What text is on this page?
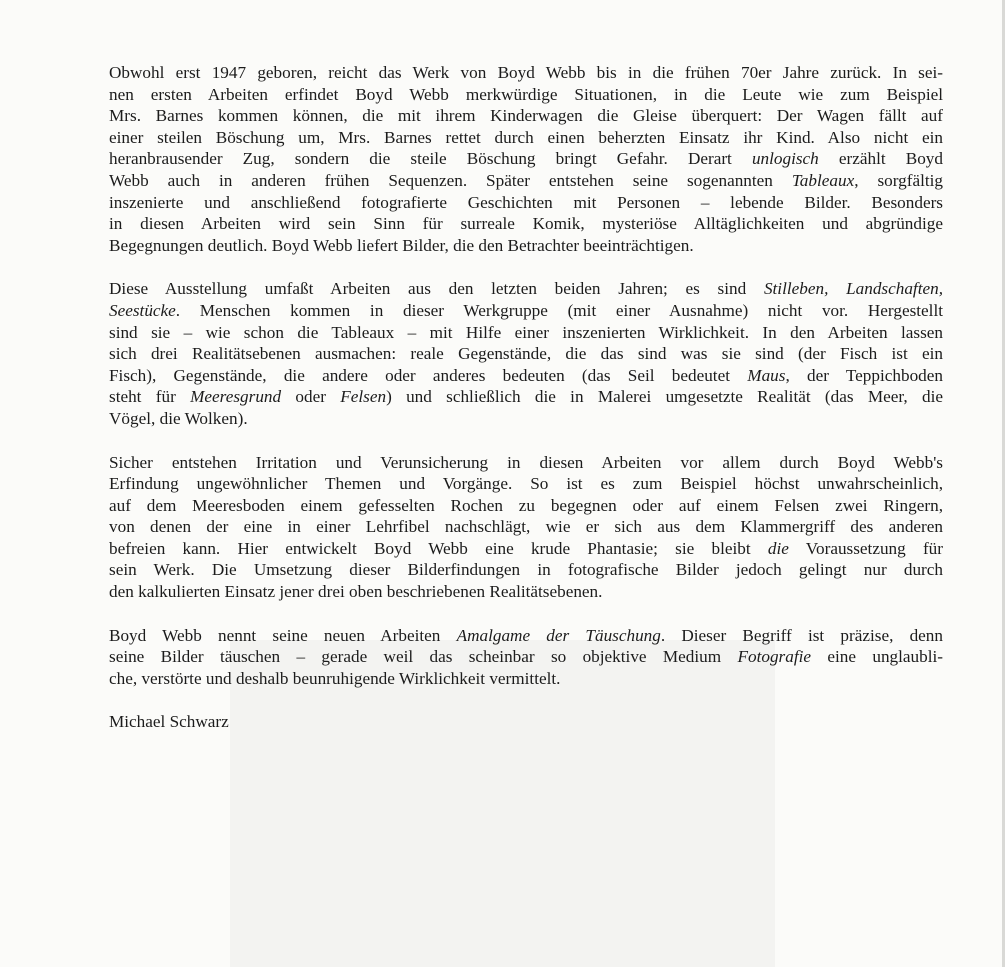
Obwohl erst 1947 geboren, reicht das Werk von Boyd Webb bis in die frühen 70er Jahre zurück. In sei-
nen ersten Arbeiten erfindet Boyd Webb merkwürdige Situationen, in die Leute wie zum Beispiel
Mrs. Barnes kommen können, die mit ihrem Kinderwagen die Gleise überquert: Der Wagen fällt auf
einer steilen Böschung um, Mrs. Barnes rettet durch einen beherzten Einsatz ihr Kind. Also nicht ein
heranbrausender Zug, sondern die steile Böschung bringt Gefahr. Derart unlogisch erzählt Boyd
Webb auch in anderen frühen Sequenzen. Später entstehen seine sogenannten Tableaux, sorgfältig
inszenierte und anschließend fotografierte Geschichten mit Personen – lebende Bilder. Besonders
in diesen Arbeiten wird sein Sinn für surreale Komik, mysteriöse Alltäglichkeiten und abgründige
Begegnungen deutlich. Boyd Webb liefert Bilder, die den Betrachter beeinträchtigen.

Diese Ausstellung umfaßt Arbeiten aus den letzten beiden Jahren; es sind Stilleben, Landschaften,
Seestücke. Menschen kommen in dieser Werkgruppe (mit einer Ausnahme) nicht vor. Hergestellt
sind sie – wie schon die Tableaux – mit Hilfe einer inszenierten Wirklichkeit. In den Arbeiten lassen
sich drei Realitätsebenen ausmachen: reale Gegenstände, die das sind was sie sind (der Fisch ist ein
Fisch), Gegenstände, die andere oder anderes bedeuten (das Seil bedeutet Maus, der Teppichboden
steht für Meeresgrund oder Felsen) und schließlich die in Malerei umgesetzte Realität (das Meer, die
Vögel, die Wolken).

Sicher entstehen Irritation und Verunsicherung in diesen Arbeiten vor allem durch Boyd Webb's
Erfindung ungewöhnlicher Themen und Vorgänge. So ist es zum Beispiel höchst unwahrscheinlich,
auf dem Meeresboden einem gefesselten Rochen zu begegnen oder auf einem Felsen zwei Ringern,
von denen der eine in einer Lehrfibel nachschlägt, wie er sich aus dem Klammergriff des anderen
befreien kann. Hier entwickelt Boyd Webb eine krude Phantasie; sie bleibt die Voraussetzung für
sein Werk. Die Umsetzung dieser Bilderfindungen in fotografische Bilder jedoch gelingt nur durch
den kalkulierten Einsatz jener drei oben beschriebenen Realitätsebenen.

Boyd Webb nennt seine neuen Arbeiten Amalgame der Täuschung. Dieser Begriff ist präzise, denn
seine Bilder täuschen – gerade weil das scheinbar so objektive Medium Fotografie eine unglaubli-
che, verstörte und deshalb beunruhigende Wirklichkeit vermittelt.

Michael Schwarz
